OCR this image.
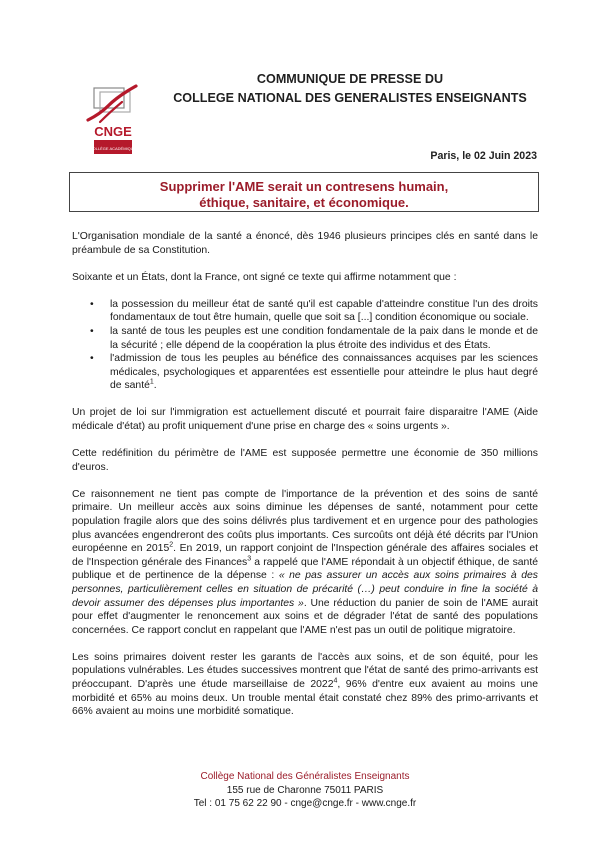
CNGE
COLLÈGE ACADÉMIQUE
COMMUNIQUE DE PRESSE DU
COLLEGE NATIONAL DES GENERALISTES ENSEIGNANTS
Paris, le 02 Juin 2023
Supprimer l'AME serait un contresens humain,
éthique, sanitaire, et économique.

L'Organisation mondiale de la santé a énoncé, dès 1946 plusieurs principes clés en santé dans le préambule de sa Constitution.

Soixante et un États, dont la France, ont signé ce texte qui affirme notamment que :

• la possession du meilleur état de santé qu'il est capable d'atteindre constitue l'un des droits fondamentaux de tout être humain, quelle que soit sa [...] condition économique ou sociale.
• la santé de tous les peuples est une condition fondamentale de la paix dans le monde et de la sécurité ; elle dépend de la coopération la plus étroite des individus et des États.
• l'admission de tous les peuples au bénéfice des connaissances acquises par les sciences médicales, psychologiques et apparentées est essentielle pour atteindre le plus haut degré de santé$^1$.

Un projet de loi sur l'immigration est actuellement discuté et pourrait faire disparaitre l'AME (Aide médicale d'état) au profit uniquement d'une prise en charge des « soins urgents ».

Cette redéfinition du périmètre de l'AME est supposée permettre une économie de 350 millions d'euros.

Ce raisonnement ne tient pas compte de l'importance de la prévention et des soins de santé primaire. Un meilleur accès aux soins diminue les dépenses de santé, notamment pour cette population fragile alors que des soins délivrés plus tardivement et en urgence pour des pathologies plus avancées engendreront des coûts plus importants. Ces surcoûts ont déjà été décrits par l'Union européenne en 2015$^2$. En 2019, un rapport conjoint de l'Inspection générale des affaires sociales et de l'Inspection générale des Finances$^3$ a rappelé que l'AME répondait à un objectif éthique, de santé publique et de pertinence de la dépense : « ne pas assurer un accès aux soins primaires à des personnes, particulièrement celles en situation de précarité (…) peut conduire in fine la société à devoir assumer des dépenses plus importantes ». Une réduction du panier de soin de l'AME aurait pour effet d'augmenter le renoncement aux soins et de dégrader l'état de santé des populations concernées. Ce rapport conclut en rappelant que l'AME n'est pas un outil de politique migratoire.

Les soins primaires doivent rester les garants de l'accès aux soins, et de son équité, pour les populations vulnérables. Les études successives montrent que l'état de santé des primo-arrivants est préoccupant. D'après une étude marseillaise de 2022$^4$, 96% d'entre eux avaient au moins une morbidité et 65% au moins deux. Un trouble mental était constaté chez 89% des primo-arrivants et 66% avaient au moins une morbidité somatique.

Collège National des Généralistes Enseignants
155 rue de Charonne 75011 PARIS
Tel : 01 75 62 22 90 - cnge@cnge.fr - www.cnge.fr
